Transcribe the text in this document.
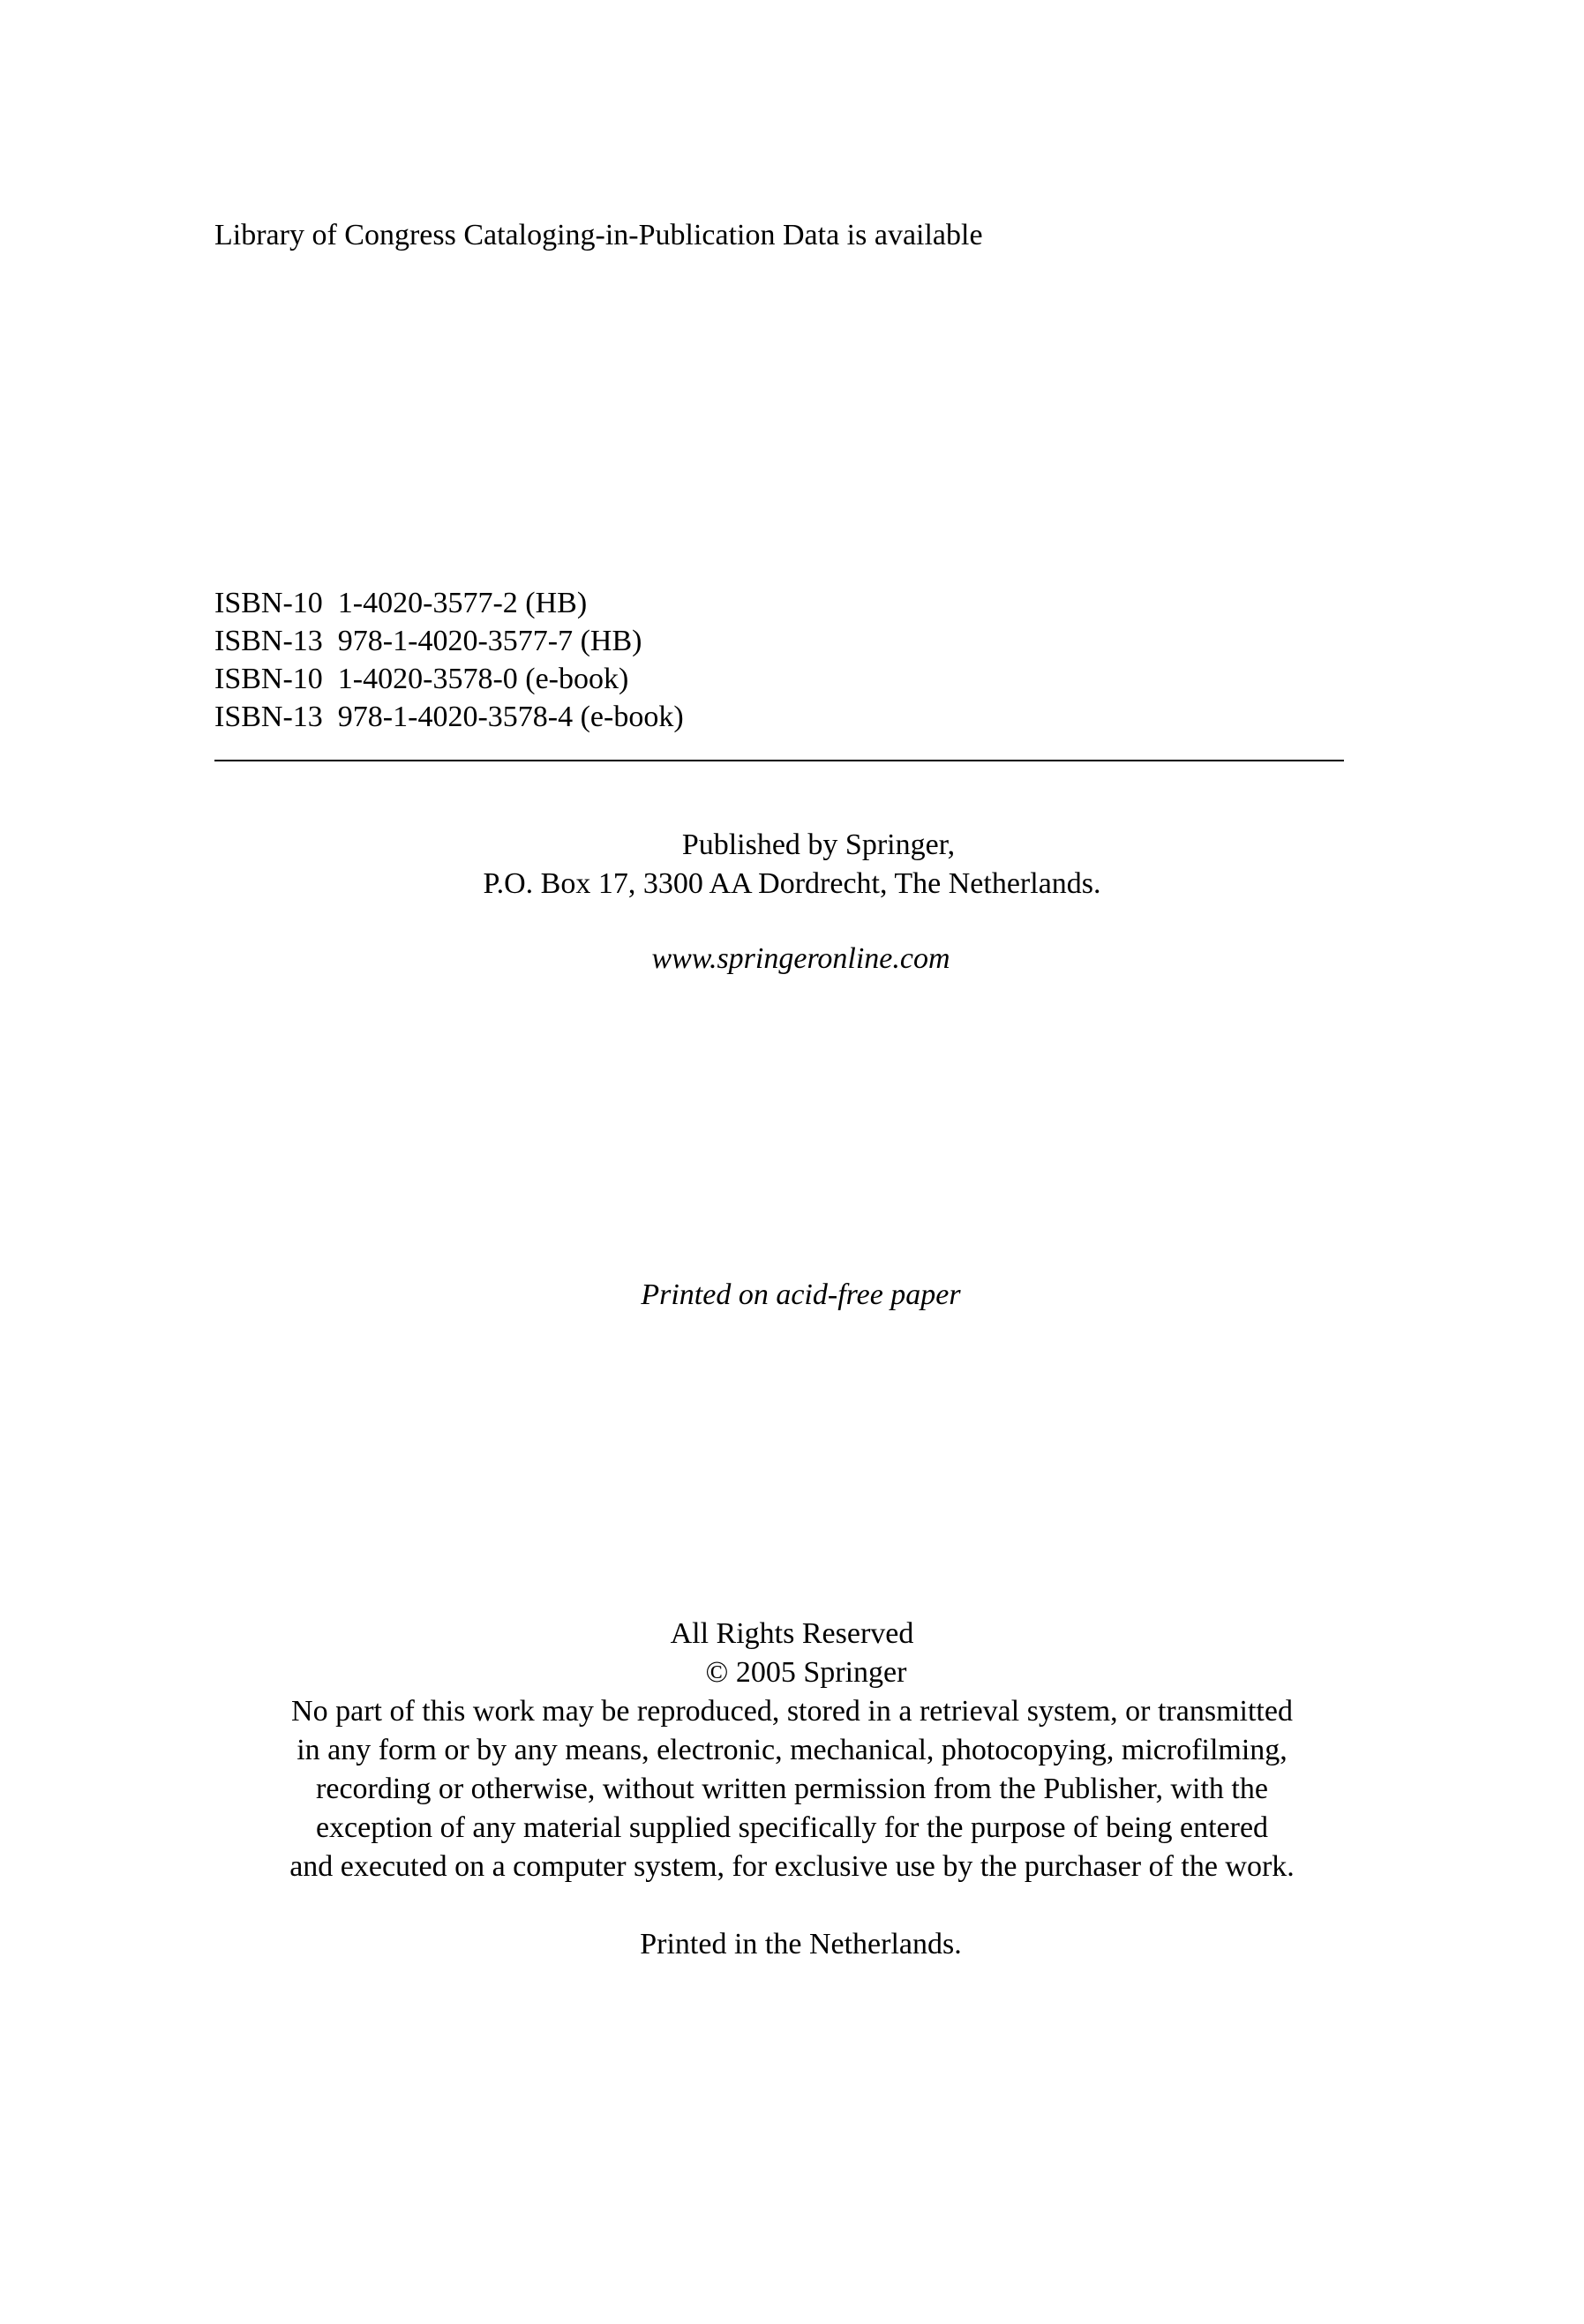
Library of Congress Cataloging-in-Publication Data is available
ISBN-10 1-4020-3577-2 (HB)
ISBN-13 978-1-4020-3577-7 (HB)
ISBN-10 1-4020-3578-0 (e-book)
ISBN-13 978-1-4020-3578-4 (e-book)
Published by Springer,
P.O. Box 17, 3300 AA Dordrecht, The Netherlands.
www.springeronline.com
Printed on acid-free paper
All Rights Reserved
© 2005 Springer
No part of this work may be reproduced, stored in a retrieval system, or transmitted
in any form or by any means, electronic, mechanical, photocopying, microfilming,
recording or otherwise, without written permission from the Publisher, with the
exception of any material supplied specifically for the purpose of being entered
and executed on a computer system, for exclusive use by the purchaser of the work.
Printed in the Netherlands.
